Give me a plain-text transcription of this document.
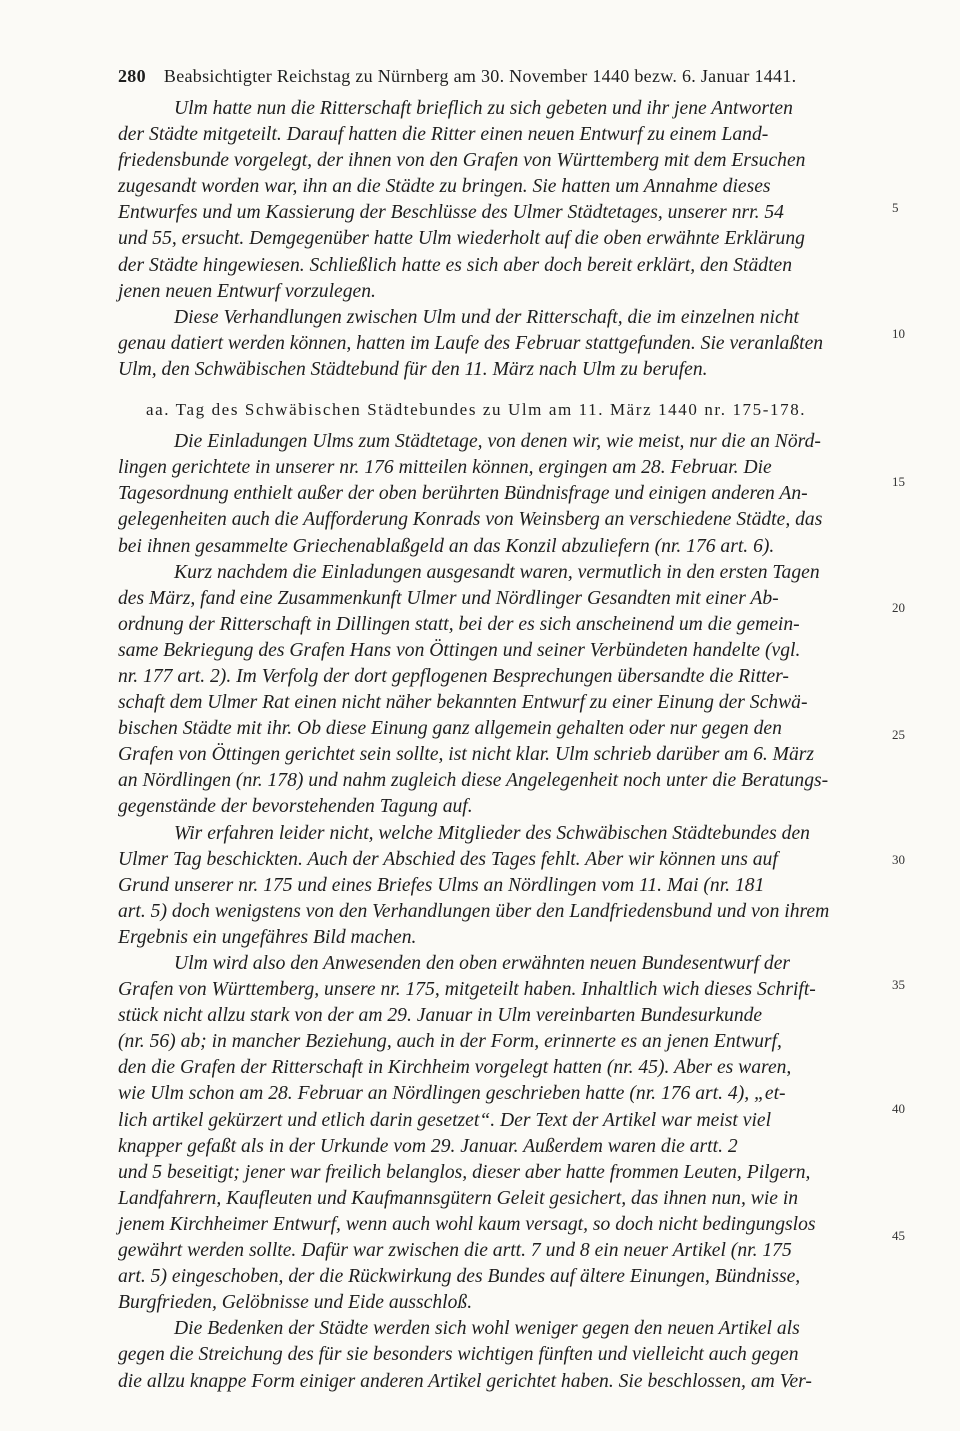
280 Beabsichtigter Reichstag zu Nürnberg am 30. November 1440 bezw. 6. Januar 1441.
Ulm hatte nun die Ritterschaft brieflich zu sich gebeten und ihr jene Antworten
der Städte mitgeteilt. Darauf hatten die Ritter einen neuen Entwurf zu einem Land-
friedensbunde vorgelegt, der ihnen von den Grafen von Württemberg mit dem Ersuchen
zugesandt worden war, ihn an die Städte zu bringen. Sie hatten um Annahme dieses
Entwurfes und um Kassierung der Beschlüsse des Ulmer Städtetages, unserer nrr. 54
und 55, ersucht. Demgegenüber hatte Ulm wiederholt auf die oben erwähnte Erklärung
der Städte hingewiesen. Schließlich hatte es sich aber doch bereit erklärt, den Städten
jenen neuen Entwurf vorzulegen.
Diese Verhandlungen zwischen Ulm und der Ritterschaft, die im einzelnen nicht
genau datiert werden können, hatten im Laufe des Februar stattgefunden. Sie veranlaßten
Ulm, den Schwäbischen Städtebund für den 11. März nach Ulm zu berufen.
aa. Tag des Schwäbischen Städtebundes zu Ulm am 11. März 1440 nr. 175-178.
Die Einladungen Ulms zum Städtetage, von denen wir, wie meist, nur die an Nörd-
lingen gerichtete in unserer nr. 176 mitteilen können, ergingen am 28. Februar. Die
Tagesordnung enthielt außer der oben berührten Bündnisfrage und einigen anderen An-
gelegenheiten auch die Aufforderung Konrads von Weinsberg an verschiedene Städte, das
bei ihnen gesammelte Griechenablaßgeld an das Konzil abzuliefern (nr. 176 art. 6).
Kurz nachdem die Einladungen ausgesandt waren, vermutlich in den ersten Tagen
des März, fand eine Zusammenkunft Ulmer und Nördlinger Gesandten mit einer Ab-
ordnung der Ritterschaft in Dillingen statt, bei der es sich anscheinend um die gemein-
same Bekriegung des Grafen Hans von Öttingen und seiner Verbündeten handelte (vgl.
nr. 177 art. 2). Im Verfolg der dort gepflogenen Besprechungen übersandte die Ritter-
schaft dem Ulmer Rat einen nicht näher bekannten Entwurf zu einer Einung der Schwä-
bischen Städte mit ihr. Ob diese Einung ganz allgemein gehalten oder nur gegen den
Grafen von Öttingen gerichtet sein sollte, ist nicht klar. Ulm schrieb darüber am 6. März
an Nördlingen (nr. 178) und nahm zugleich diese Angelegenheit noch unter die Beratungs-
gegenstände der bevorstehenden Tagung auf.
Wir erfahren leider nicht, welche Mitglieder des Schwäbischen Städtebundes den
Ulmer Tag beschickten. Auch der Abschied des Tages fehlt. Aber wir können uns auf
Grund unserer nr. 175 und eines Briefes Ulms an Nördlingen vom 11. Mai (nr. 181
art. 5) doch wenigstens von den Verhandlungen über den Landfriedensbund und von ihrem
Ergebnis ein ungefähres Bild machen.
Ulm wird also den Anwesenden den oben erwähnten neuen Bundesentwurf der
Grafen von Württemberg, unsere nr. 175, mitgeteilt haben. Inhaltlich wich dieses Schrift-
stück nicht allzu stark von der am 29. Januar in Ulm vereinbarten Bundesurkunde
(nr. 56) ab; in mancher Beziehung, auch in der Form, erinnerte es an jenen Entwurf,
den die Grafen der Ritterschaft in Kirchheim vorgelegt hatten (nr. 45). Aber es waren,
wie Ulm schon am 28. Februar an Nördlingen geschrieben hatte (nr. 176 art. 4), „et-
lich artikel gekürzert und etlich darin gesetzet“. Der Text der Artikel war meist viel
knapper gefaßt als in der Urkunde vom 29. Januar. Außerdem waren die artt. 2
und 5 beseitigt; jener war freilich belanglos, dieser aber hatte frommen Leuten, Pilgern,
Landfahrern, Kaufleuten und Kaufmannsgütern Geleit gesichert, das ihnen nun, wie in
jenem Kirchheimer Entwurf, wenn auch wohl kaum versagt, so doch nicht bedingungslos
gewährt werden sollte. Dafür war zwischen die artt. 7 und 8 ein neuer Artikel (nr. 175
art. 5) eingeschoben, der die Rückwirkung des Bundes auf ältere Einungen, Bündnisse,
Burgfrieden, Gelöbnisse und Eide ausschloß.
Die Bedenken der Städte werden sich wohl weniger gegen den neuen Artikel als
gegen die Streichung des für sie besonders wichtigen fünften und vielleicht auch gegen
die allzu knappe Form einiger anderen Artikel gerichtet haben. Sie beschlossen, am Ver-
5
10
15
20
25
30
35
40
45
